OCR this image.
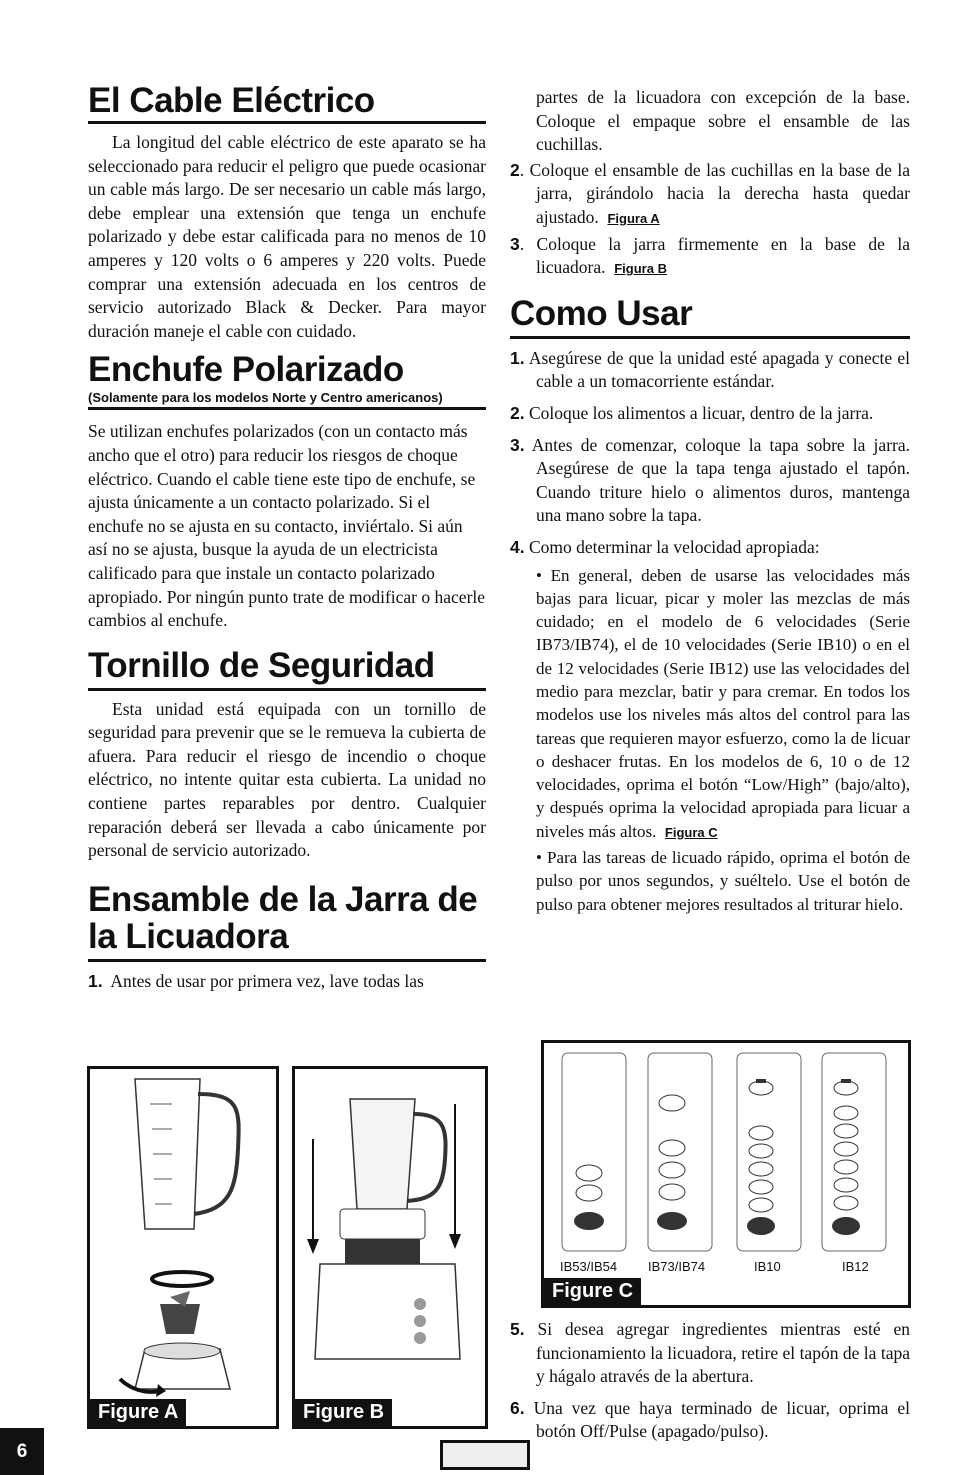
El Cable Eléctrico

La longitud del cable eléctrico de este aparato se ha seleccionado para reducir el peligro que puede ocasionar un cable más largo. De ser necesario un cable más largo, debe emplear una extensión que tenga un enchufe polarizado y debe estar calificada para no menos de 10 amperes y 120 volts o 6 amperes y 220 volts. Puede comprar una extensión adecuada en los centros de servicio autorizado Black & Decker. Para mayor duración maneje el cable con cuidado.

Enchufe Polarizado
(Solamente para los modelos Norte y Centro americanos)

Se utilizan enchufes polarizados (con un contacto más ancho que el otro) para reducir los riesgos de choque eléctrico. Cuando el cable tiene este tipo de enchufe, se ajusta únicamente a un contacto polarizado. Si el enchufe no se ajusta en su contacto, inviértalo. Si aún así no se ajusta, busque la ayuda de un electricista calificado para que instale un contacto polarizado apropiado. Por ningún punto trate de modificar o hacerle cambios al enchufe.

Tornillo de Seguridad

Esta unidad está equipada con un tornillo de seguridad para prevenir que se le remueva la cubierta de afuera. Para reducir el riesgo de incendio o choque eléctrico, no intente quitar esta cubierta. La unidad no contiene partes reparables por dentro. Cualquier reparación deberá ser llevada a cabo únicamente por personal de servicio autorizado.

Ensamble de la Jarra de la Licuadora

1. Antes de usar por primera vez, lave todas las

Figure A	Figure B

partes de la licuadora con excepción de la base. Coloque el empaque sobre el ensamble de las cuchillas.

2. Coloque el ensamble de las cuchillas en la base de la jarra, girándolo hacia la derecha hasta quedar ajustado. Figura A

3. Coloque la jarra firmemente en la base de la licuadora. Figura B

Como Usar

1. Asegúrese de que la unidad esté apagada y conecte el cable a un tomacorriente estándar.

2. Coloque los alimentos a licuar, dentro de la jarra.

3. Antes de comenzar, coloque la tapa sobre la jarra. Asegúrese de que la tapa tenga ajustado el tapón. Cuando triture hielo o alimentos duros, mantenga una mano sobre la tapa.

4. Como determinar la velocidad apropiada:

• En general, deben de usarse las velocidades más bajas para licuar, picar y moler las mezclas de más cuidado; en el modelo de 6 velocidades (Serie IB73/IB74), el de 10 velocidades (Serie IB10) o en el de 12 velocidades (Serie IB12) use las velocidades del medio para mezclar, batir y para cremar. En todos los modelos use los niveles más altos del control para las tareas que requieren mayor esfuerzo, como la de licuar o deshacer frutas. En los modelos de 6, 10 o de 12 velocidades, oprima el botón “Low/High” (bajo/alto), y después oprima la velocidad apropiada para licuar a niveles más altos. Figura C

• Para las tareas de licuado rápido, oprima el botón de pulso por unos segundos, y suéltelo. Use el botón de pulso para obtener mejores resultados al triturar hielo.

IB53/IB54 IB73/IB74	IB10	IB12
Figure C

5. Si desea agregar ingredientes mientras esté en funcionamiento la licuadora, retire el tapón de la tapa y hágalo através de la abertura.

6. Una vez que haya terminado de licuar, oprima el botón Off/Pulse (apagado/pulso).

6
